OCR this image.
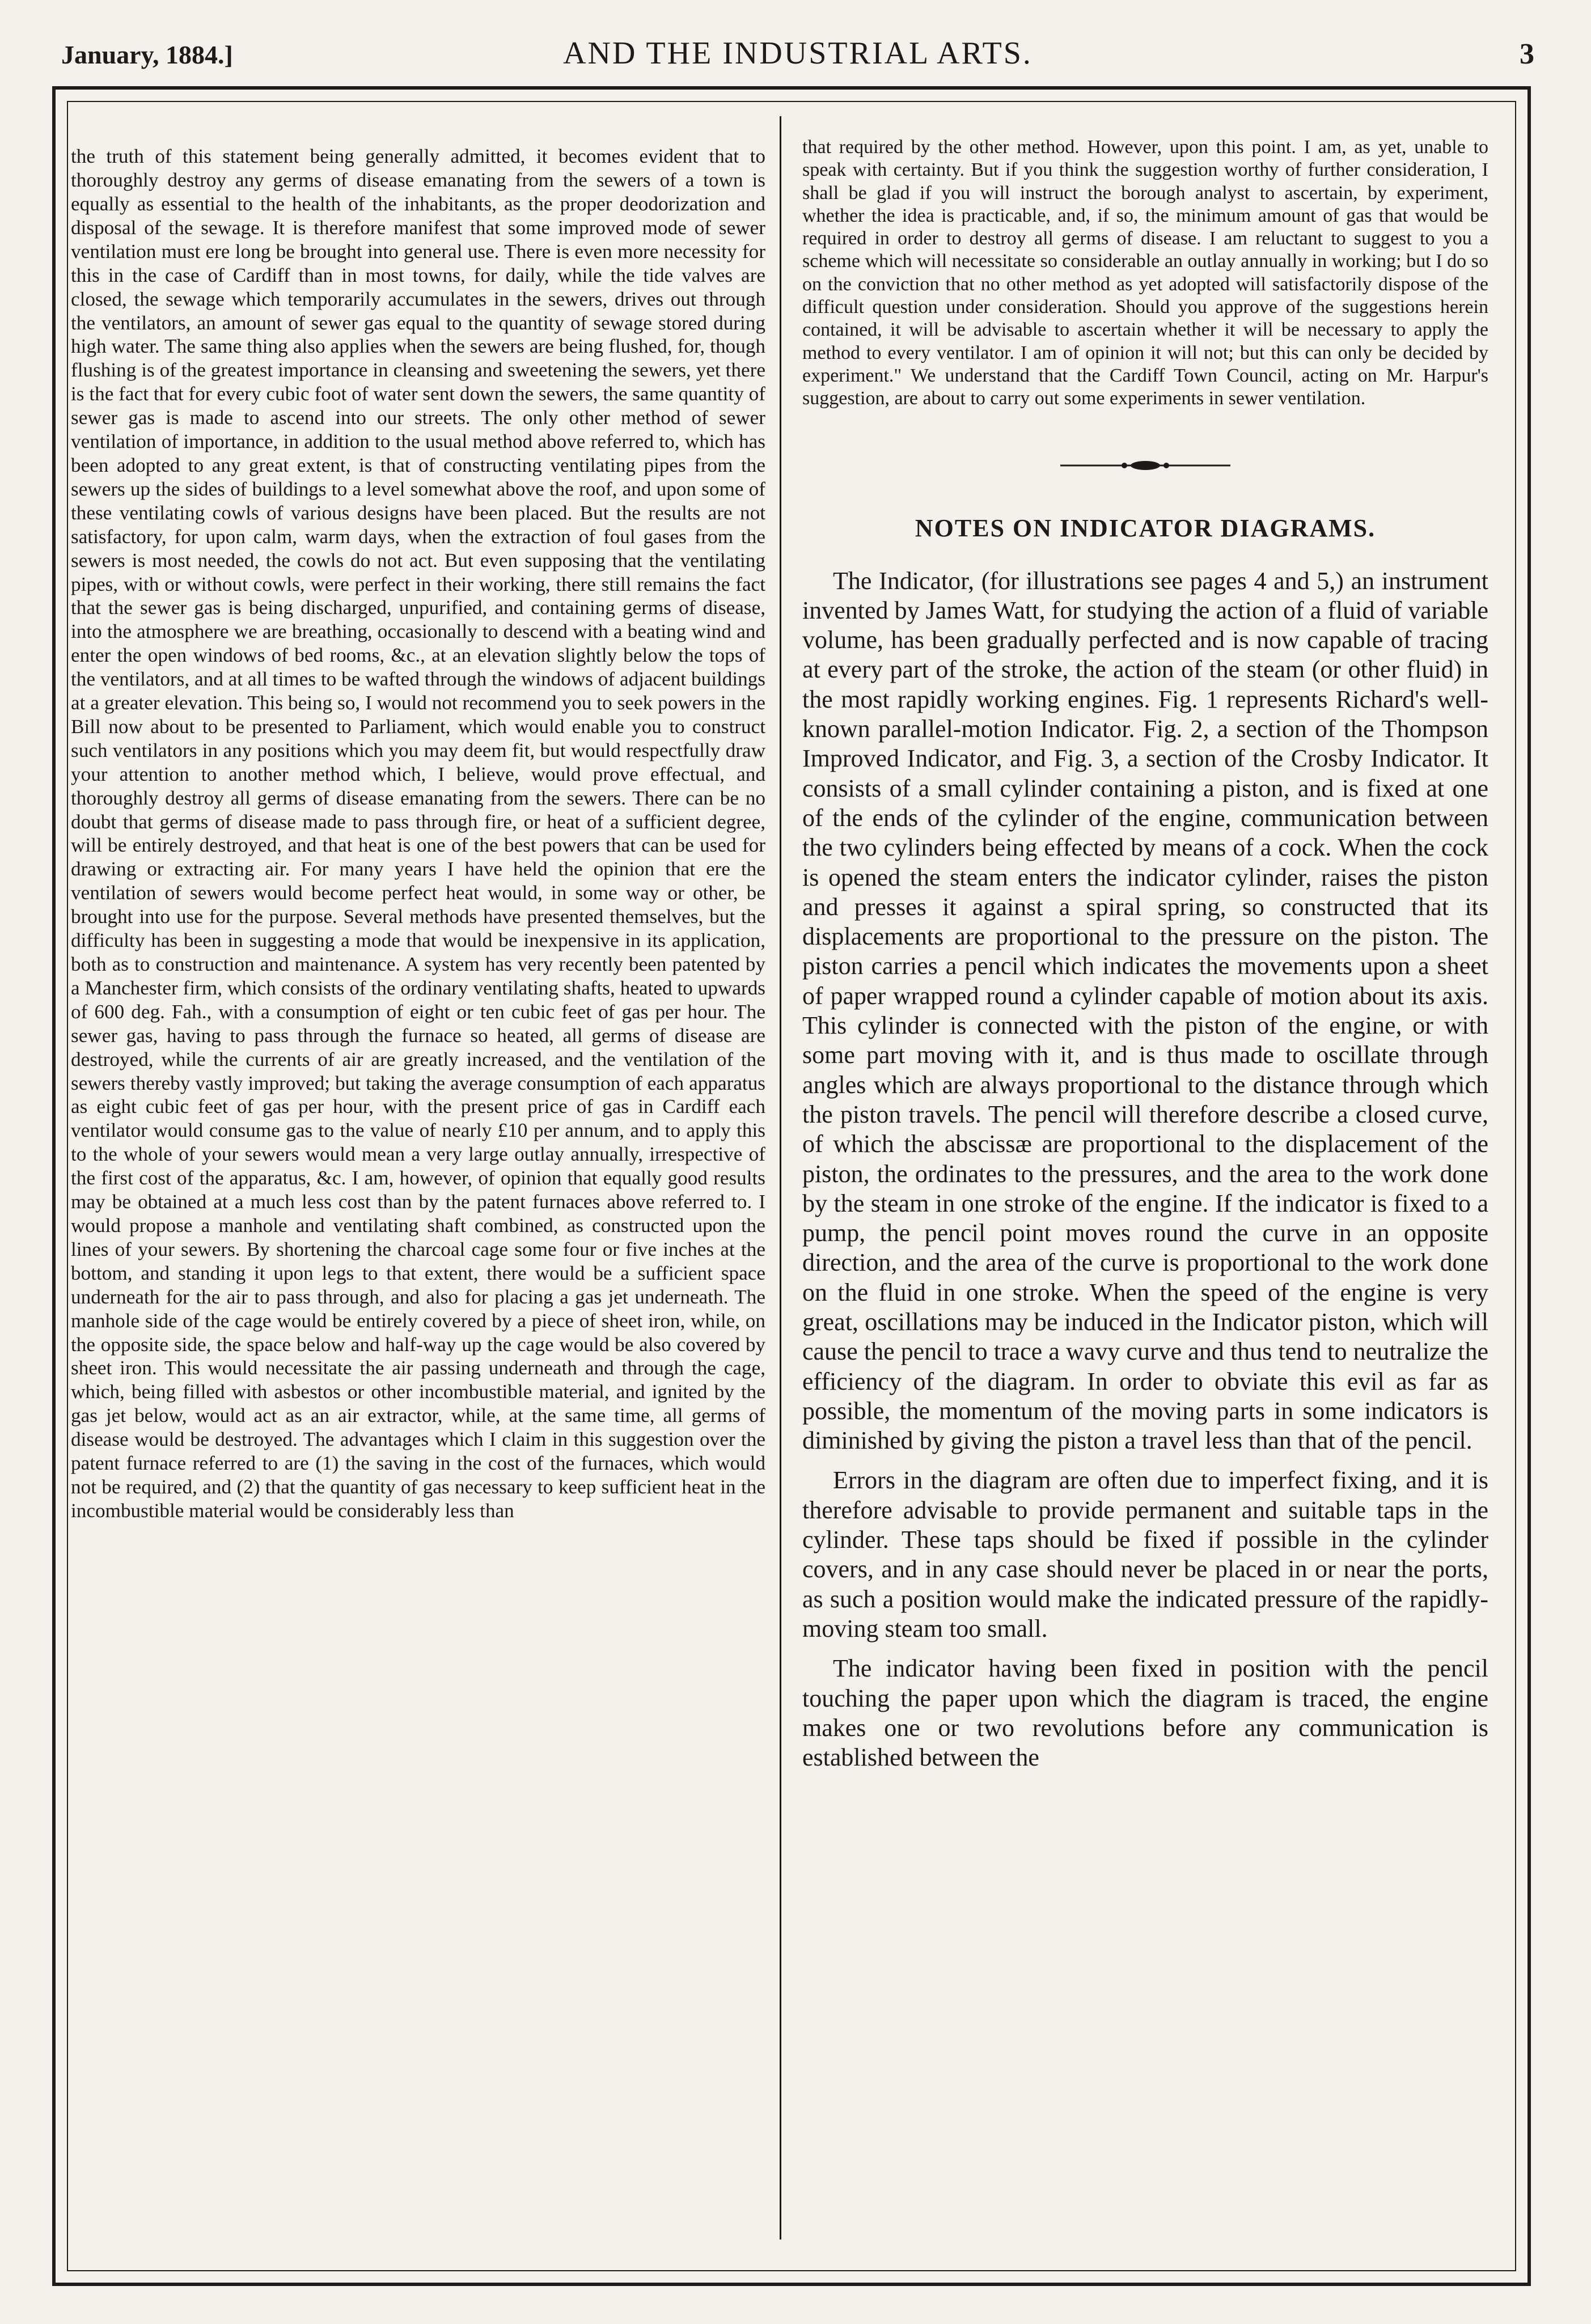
January, 1884.]	AND THE INDUSTRIAL ARTS.	3

the truth of this statement being generally admitted, it becomes evident that to thoroughly destroy any germs of disease emanating from the sewers of a town is equally as essential to the health of the inhabitants, as the proper deodorization and disposal of the sewage. It is therefore manifest that some improved mode of sewer ventilation must ere long be brought into general use. There is even more necessity for this in the case of Cardiff than in most towns, for daily, while the tide valves are closed, the sewage which temporarily accumulates in the sewers, drives out through the ventilators, an amount of sewer gas equal to the quantity of sewage stored during high water. The same thing also applies when the sewers are being flushed, for, though flushing is of the greatest importance in cleansing and sweetening the sewers, yet there is the fact that for every cubic foot of water sent down the sewers, the same quantity of sewer gas is made to ascend into our streets. The only other method of sewer ventilation of importance, in addition to the usual method above referred to, which has been adopted to any great extent, is that of constructing ventilating pipes from the sewers up the sides of buildings to a level somewhat above the roof, and upon some of these ventilating cowls of various designs have been placed. But the results are not satisfactory, for upon calm, warm days, when the extraction of foul gases from the sewers is most needed, the cowls do not act. But even supposing that the ventilating pipes, with or without cowls, were perfect in their working, there still remains the fact that the sewer gas is being discharged, unpurified, and containing germs of disease, into the atmosphere we are breathing, occasionally to descend with a beating wind and enter the open windows of bed rooms, &c., at an elevation slightly below the tops of the ventilators, and at all times to be wafted through the windows of adjacent buildings at a greater elevation. This being so, I would not recommend you to seek powers in the Bill now about to be presented to Parliament, which would enable you to construct such ventilators in any positions which you may deem fit, but would respectfully draw your attention to another method which, I believe, would prove effectual, and thoroughly destroy all germs of disease emanating from the sewers. There can be no doubt that germs of disease made to pass through fire, or heat of a sufficient degree, will be entirely destroyed, and that heat is one of the best powers that can be used for drawing or extracting air. For many years I have held the opinion that ere the ventilation of sewers would become perfect heat would, in some way or other, be brought into use for the purpose. Several methods have presented themselves, but the difficulty has been in suggesting a mode that would be inexpensive in its application, both as to construction and maintenance. A system has very recently been patented by a Manchester firm, which consists of the ordinary ventilating shafts, heated to upwards of 600 deg. Fah., with a consumption of eight or ten cubic feet of gas per hour. The sewer gas, having to pass through the furnace so heated, all germs of disease are destroyed, while the currents of air are greatly increased, and the ventilation of the sewers thereby vastly improved; but taking the average consumption of each apparatus as eight cubic feet of gas per hour, with the present price of gas in Cardiff each ventilator would consume gas to the value of nearly £10 per annum, and to apply this to the whole of your sewers would mean a very large outlay annually, irrespective of the first cost of the apparatus, &c. I am, however, of opinion that equally good results may be obtained at a much less cost than by the patent furnaces above referred to. I would propose a manhole and ventilating shaft combined, as constructed upon the lines of your sewers. By shortening the charcoal cage some four or five inches at the bottom, and standing it upon legs to that extent, there would be a sufficient space underneath for the air to pass through, and also for placing a gas jet underneath. The manhole side of the cage would be entirely covered by a piece of sheet iron, while, on the opposite side, the space below and half-way up the cage would be also covered by sheet iron. This would necessitate the air passing underneath and through the cage, which, being filled with asbestos or other incombustible material, and ignited by the gas jet below, would act as an air extractor, while, at the same time, all germs of disease would be destroyed. The advantages which I claim in this suggestion over the patent furnace referred to are (1) the saving in the cost of the furnaces, which would not be required, and (2) that the quantity of gas necessary to keep sufficient heat in the incombustible material would be considerably less than

that required by the other method. However, upon this point. I am, as yet, unable to speak with certainty. But if you think the suggestion worthy of further consideration, I shall be glad if you will instruct the borough analyst to ascertain, by experiment, whether the idea is practicable, and, if so, the minimum amount of gas that would be required in order to destroy all germs of disease. I am reluctant to suggest to you a scheme which will necessitate so considerable an outlay annually in working; but I do so on the conviction that no other method as yet adopted will satisfactorily dispose of the difficult question under consideration. Should you approve of the suggestions herein contained, it will be advisable to ascertain whether it will be necessary to apply the method to every ventilator. I am of opinion it will not; but this can only be decided by experiment." We understand that the Cardiff Town Council, acting on Mr. Harpur's suggestion, are about to carry out some experiments in sewer ventilation.

NOTES ON INDICATOR DIAGRAMS.

The Indicator, (for illustrations see pages 4 and 5,) an instrument invented by James Watt, for studying the action of a fluid of variable volume, has been gradually perfected and is now capable of tracing at every part of the stroke, the action of the steam (or other fluid) in the most rapidly working engines. Fig. 1 represents Richard's well-known parallel-motion Indicator. Fig. 2, a section of the Thompson Improved Indicator, and Fig. 3, a section of the Crosby Indicator. It consists of a small cylinder containing a piston, and is fixed at one of the ends of the cylinder of the engine, communication between the two cylinders being effected by means of a cock. When the cock is opened the steam enters the indicator cylinder, raises the piston and presses it against a spiral spring, so constructed that its displacements are proportional to the pressure on the piston. The piston carries a pencil which indicates the movements upon a sheet of paper wrapped round a cylinder capable of motion about its axis. This cylinder is connected with the piston of the engine, or with some part moving with it, and is thus made to oscillate through angles which are always proportional to the distance through which the piston travels. The pencil will therefore describe a closed curve, of which the abscissæ are proportional to the displacement of the piston, the ordinates to the pressures, and the area to the work done by the steam in one stroke of the engine. If the indicator is fixed to a pump, the pencil point moves round the curve in an opposite direction, and the area of the curve is proportional to the work done on the fluid in one stroke. When the speed of the engine is very great, oscillations may be induced in the Indicator piston, which will cause the pencil to trace a wavy curve and thus tend to neutralize the efficiency of the diagram. In order to obviate this evil as far as possible, the momentum of the moving parts in some indicators is diminished by giving the piston a travel less than that of the pencil.

Errors in the diagram are often due to imperfect fixing, and it is therefore advisable to provide permanent and suitable taps in the cylinder. These taps should be fixed if possible in the cylinder covers, and in any case should never be placed in or near the ports, as such a position would make the indicated pressure of the rapidly-moving steam too small.

The indicator having been fixed in position with the pencil touching the paper upon which the diagram is traced, the engine makes one or two revolutions before any communication is established between the
